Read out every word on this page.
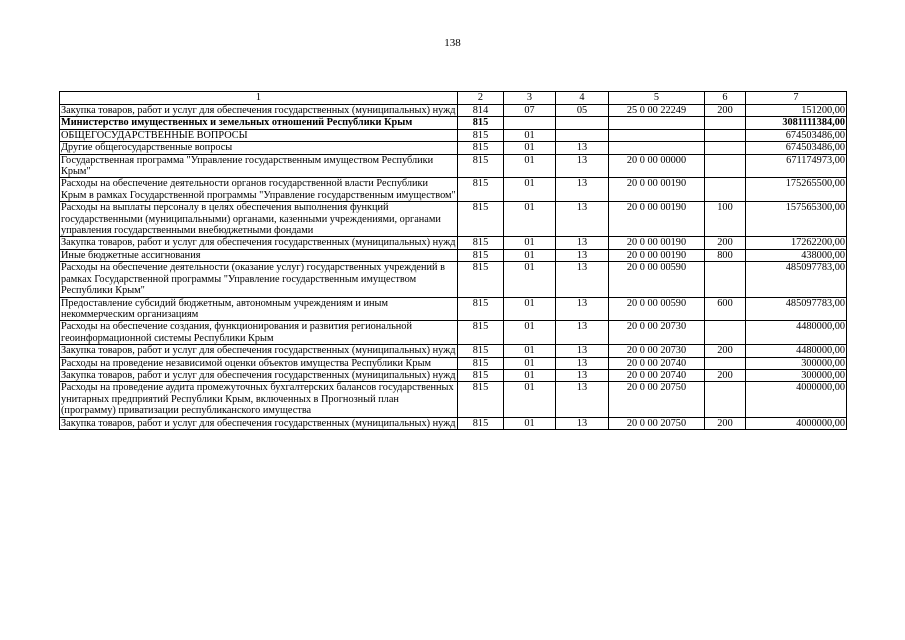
138
1	2	3	4	5	6	7
Закупка товаров, работ и услуг для обеспечения государственных (муниципальных) нужд	814	07	05	25 0 00 22249	200	151200,00
Министерство имущественных и земельных отношений Республики Крым	815					3081111384,00
ОБЩЕГОСУДАРСТВЕННЫЕ ВОПРОСЫ	815	01				674503486,00
Другие общегосударственные вопросы	815	01	13			674503486,00
Государственная программа "Управление государственным имуществом Республики Крым"	815	01	13	20 0 00 00000		671174973,00
Расходы на обеспечение деятельности органов государственной власти Республики Крым в рамках Государственной программы "Управление государственным имуществом"	815	01	13	20 0 00 00190		175265500,00
Расходы на выплаты персоналу в целях обеспечения выполнения функций государственными (муниципальными) органами, казенными учреждениями, органами управления государственными внебюджетными фондами	815	01	13	20 0 00 00190	100	157565300,00
Закупка товаров, работ и услуг для обеспечения государственных (муниципальных) нужд	815	01	13	20 0 00 00190	200	17262200,00
Иные бюджетные ассигнования	815	01	13	20 0 00 00190	800	438000,00
Расходы на обеспечение деятельности (оказание услуг) государственных учреждений в рамках Государственной программы "Управление государственным имуществом Республики Крым"	815	01	13	20 0 00 00590		485097783,00
Предоставление субсидий бюджетным, автономным учреждениям и иным некоммерческим организациям	815	01	13	20 0 00 00590	600	485097783,00
Расходы на обеспечение создания, функционирования и развития региональной геоинформационной системы Республики Крым	815	01	13	20 0 00 20730		4480000,00
Закупка товаров, работ и услуг для обеспечения государственных (муниципальных) нужд	815	01	13	20 0 00 20730	200	4480000,00
Расходы на проведение независимой оценки объектов имущества Республики Крым	815	01	13	20 0 00 20740		300000,00
Закупка товаров, работ и услуг для обеспечения государственных (муниципальных) нужд	815	01	13	20 0 00 20740	200	300000,00
Расходы на проведение аудита промежуточных бухгалтерских балансов государственных унитарных предприятий Республики Крым, включенных в Прогнозный план (программу) приватизации республиканского имущества	815	01	13	20 0 00 20750		4000000,00
Закупка товаров, работ и услуг для обеспечения государственных (муниципальных) нужд	815	01	13	20 0 00 20750	200	4000000,00
